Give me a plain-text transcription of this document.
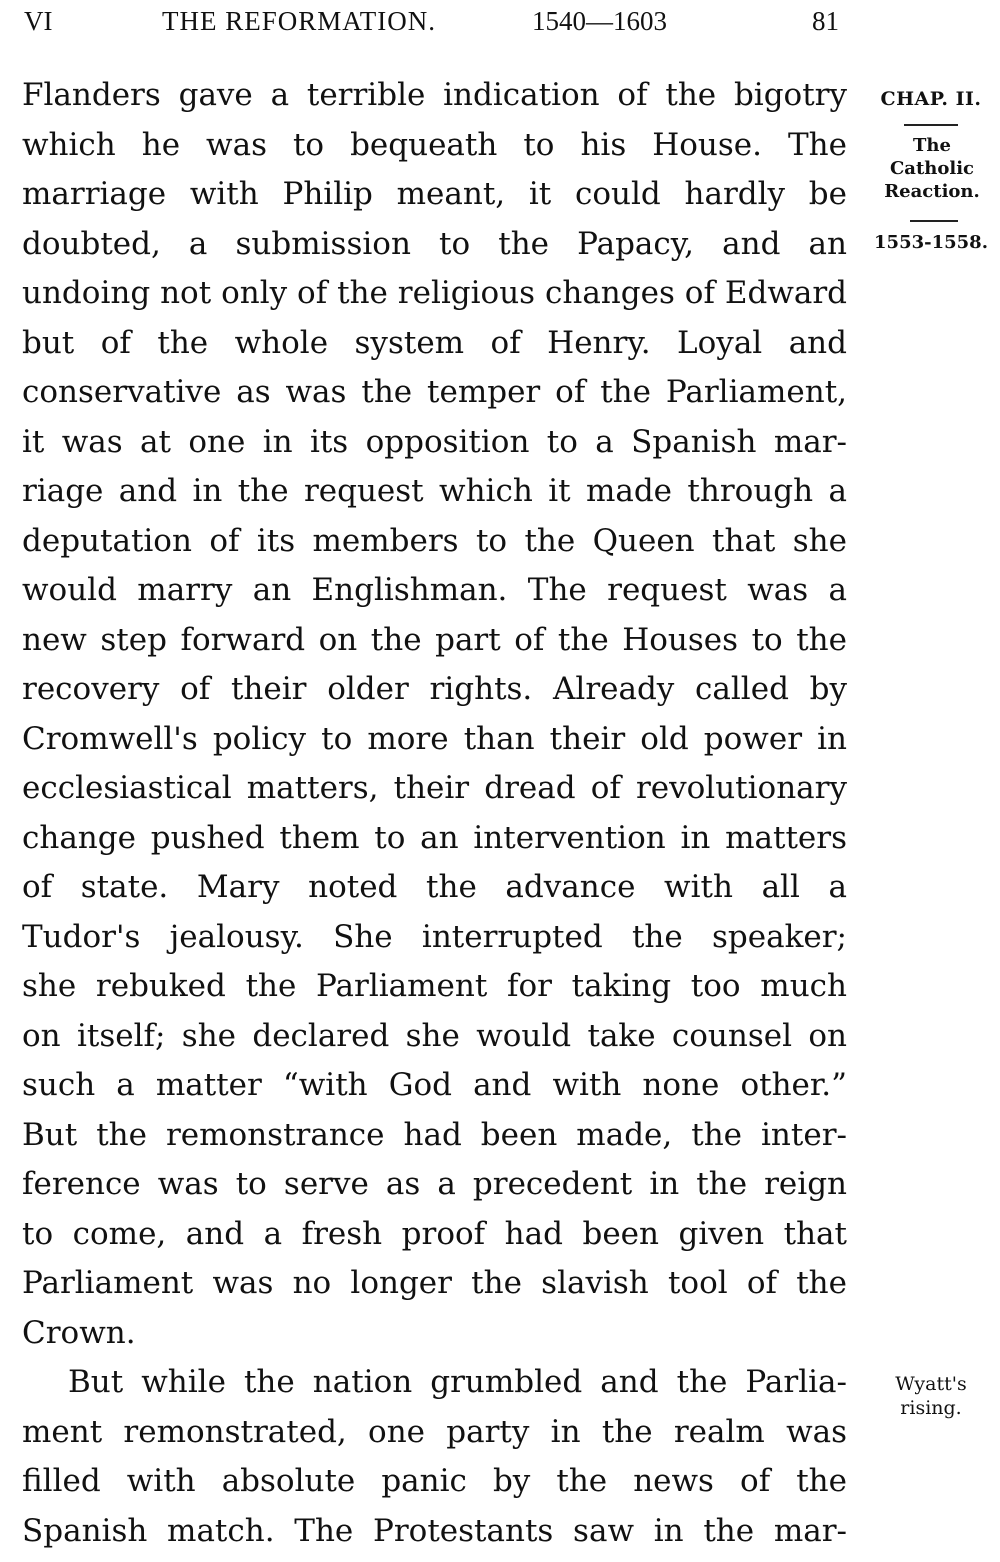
VI	THE REFORMATION.	1540—1603	81
Flanders gave a terrible indication of the bigotry
which he was to bequeath to his House. The
marriage with Philip meant, it could hardly be
doubted, a submission to the Papacy, and an
undoing not only of the religious changes of Edward
but of the whole system of Henry. Loyal and
conservative as was the temper of the Parliament,
it was at one in its opposition to a Spanish mar-
riage and in the request which it made through a
deputation of its members to the Queen that she
would marry an Englishman. The request was a
new step forward on the part of the Houses to the
recovery of their older rights. Already called by
Cromwell's policy to more than their old power in
ecclesiastical matters, their dread of revolutionary
change pushed them to an intervention in matters
of state. Mary noted the advance with all a
Tudor's jealousy. She interrupted the speaker;
she rebuked the Parliament for taking too much
on itself; she declared she would take counsel on
such a matter “with God and with none other.”
But the remonstrance had been made, the inter-
ference was to serve as a precedent in the reign
to come, and a fresh proof had been given that
Parliament was no longer the slavish tool of the
Crown.
But while the nation grumbled and the Parlia-
ment remonstrated, one party in the realm was
filled with absolute panic by the news of the
Spanish match. The Protestants saw in the mar-
CHAP. II.
The
Catholic
Reaction.
1553-1558.
Wyatt's
rising.
